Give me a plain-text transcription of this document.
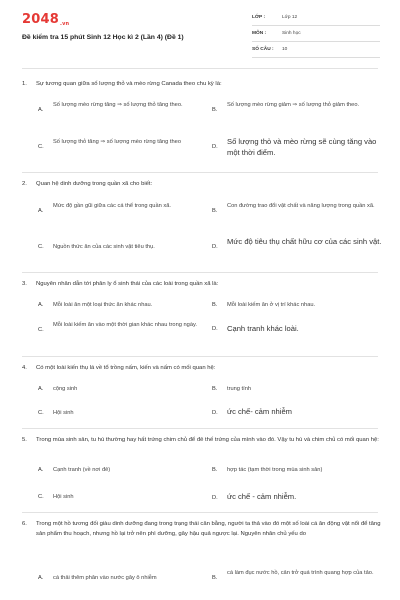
2048.vn
Đề kiểm tra 15 phút Sinh 12 Học kì 2 (Lần 4) (Đề 1)
LỚP :	Lớp 12
MÔN :	Sinh học
SỐ CÂU : 10
1. Sự tương quan giữa số lượng thỏ và mèo rừng Canada theo chu kỳ là:
A.
Số lượng mèo rừng tăng ⇒ số lượng thỏ tăng theo.
B.
Số lượng mèo rừng giảm ⇒ số lượng thỏ giảm theo.
C.
Số lượng thỏ tăng ⇒ số lượng mèo rừng tăng theo
D.
Số lượng thỏ và mèo rừng sẽ cùng tăng vào một thời điểm.
2. Quan hệ dinh dưỡng trong quần xã cho biết:
A.
Mức độ gần gũi giữa các cá thể trong quần xã.
B.
Con đường trao đổi vật chất và năng lượng trong quần xã.
C. Nguồn thức ăn của các sinh vật tiêu thụ.	D.
Mức độ tiêu thụ chất hữu cơ của các sinh vật.
3. Nguyên nhân dẫn tới phân ly ổ sinh thái của các loài trong quần xã là:
A. Mỗi loài ăn một loại thức ăn khác nhau.	B. Mỗi loài kiếm ăn ở vị trí khác nhau.
C.
Mỗi loài kiếm ăn vào một thời gian khác nhau trong ngày.
D. Cạnh tranh khác loài.
4. Có một loài kiến thụ lá về tổ trồng nấm, kiến và nấm có mối quan hệ:
A. cộng sinh	B. trung tính
C. Hội sinh	D. ức chế- cảm nhiễm
5. Trong mùa sinh sản, tu hú thường hay hất trứng chim chủ để đẻ thế trứng của mình vào đó. Vậy tu hú và chim chủ có mối quan hệ:
A. Cạnh tranh (về nơi đẻ)	B. hợp tác (tạm thời trong mùa sinh sản)
C. Hội sinh	D. ức chế - cảm nhiễm.
6. Trong một hồ tương đối giàu dinh dưỡng đang trong trạng thái cân bằng, người ta thả vào đó một số loài cá ăn động vật nổi để tăng sản phẩm thu hoạch, nhưng hồ lại trở nên phì dưỡng, gây hậu quả ngược lại. Nguyên nhân chủ yếu do
A. cá thải thêm phân vào nước gây ô nhiễm	B.
cá làm đục nước hồ, cản trở quá trình quang hợp của tảo.
